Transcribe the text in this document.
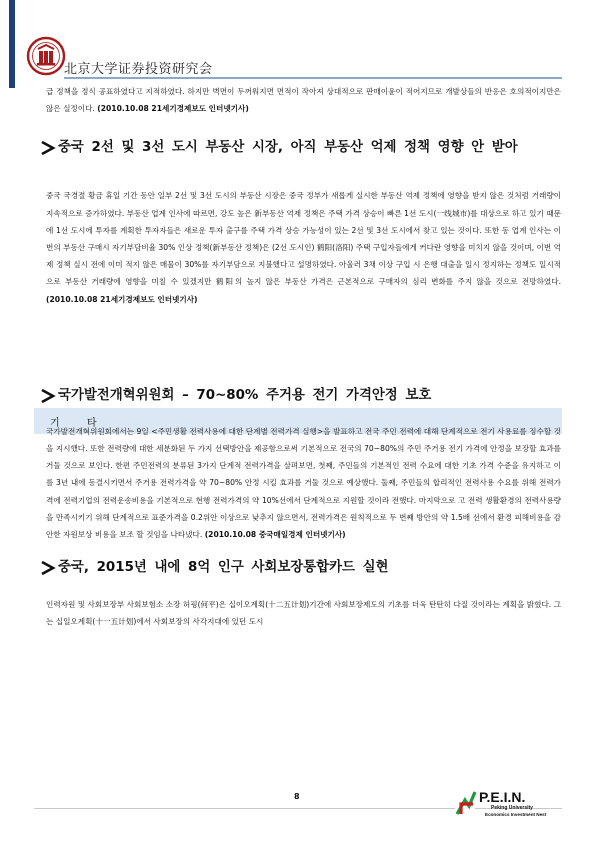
北京大学证券投资研究会
기 타

급 정책을 정식 공표하였다고 지적하였다. 하지만 벽면이 두꺼워지면 면적이 작아져 상대적으로 판매이윤이 적어지므로 개발상들의 반응은 호의적이지만은 않은 실정이다. (2010.10.08 21세기경제보도 인터넷기사)

중국 2선 및 3선 도시 부동산 시장, 아직 부동산 억제 정책 영향 안 받아

중국 국경절 황금 휴일 기간 동안 일부 2선 및 3선 도시의 부동산 시장은 중국 정부가 새롭게 실시한 부동산 억제 정책에 영향을 받지 않은 것처럼 거래량이 지속적으로 증가하였다. 부동산 업계 인사에 따르면, 강도 높은 新부동산 억제 정책은 주택 가격 상승이 빠른 1선 도시(一线城市)를 대상으로 하고 있기 때문에 1선 도시에 투자를 계획한 투자자들은 새로운 투자 출구를 주택 가격 상승 가능성이 있는 2선 및 3선 도시에서 찾고 있는 것이다. 또한 동 업계 인사는 이번의 부동산 구매시 자기부담비율 30% 인상 정책(新부동산 정책)은 (2선 도시인) 鹤阳(洛阳) 주택 구입자들에게 커다란 영향을 미치지 않을 것이며, 이번 억제 정책 실시 전에 이미 적지 않은 매물이 30%를 자기부담으로 지불했다고 설명하였다. 아울러 3채 이상 구입 시 은행 대출을 일시 정지하는 정책도 일시적으로 부동산 거래량에 영향을 미칠 수 있겠지만 鹤阳의 높지 않은 부동산 가격은 근본적으로 구매자의 심리 변화를 주지 않을 것으로 전망하였다. (2010.10.08 21세기경제보도 인터넷기사)

국가발전개혁위원회 – 70~80% 주거용 전기 가격안정 보호

국가발전개혁위원회에서는 9일 <주민생활 전력사용에 대한 단계별 전력가격 실행>을 발표하고 전국 주민 전력에 대해 단계적으로 전기 사용료를 징수할 것을 지시했다. 또한 전력량에 대한 세분화된 두 가지 선택방안을 제공함으로써 기본적으로 전국의 70~80%의 주민 주거용 전기 가격에 안정을 보장할 효과를 거둘 것으로 보인다. 한편 주민전력의 분류된 3가지 단계적 전력가격을 살펴보면, 첫째, 주민들의 기본적인 전력 수요에 대한 기초 가격 수준을 유지하고 이를 3년 내에 동결시키면서 주거용 전력가격을 약 70~80% 안정 시킬 효과를 거둘 것으로 예상했다. 둘째, 주민들의 합리적인 전력사용 수요를 위해 전력가격에 전력기업의 전력운송비용을 기본적으로 현행 전력가격의 약 10%선에서 단계적으로 지원할 것이라 전했다. 마지막으로 고 전력 생활환경의 전력사용량을 만족시키기 위해 단계적으로 표준가격을 0.2위안 이상으로 낮추지 않으면서, 전력가격은 원칙적으로 두 번째 방안의 약 1.5배 선에서 환경 피해비용을 감안한 자원보상 비용을 보조 할 것임을 나타냈다. (2010.10.08 중국매일경제 인터넷기사)

중국, 2015년 내에 8억 인구 사회보장통합카드 실현

인력자원 및 사회보장부 사회보험소 소장 허핑(何平)은 십이오계획(十二五计划)기간에 사회보장제도의 기초를 더욱 탄탄히 다질 것이라는 계획을 밝혔다. 그는 십일오계획(十一五计划)에서 사회보장의 사각지대에 있던 도시

8	P.E.I.N.
Peking University
Economics Investment Nest
